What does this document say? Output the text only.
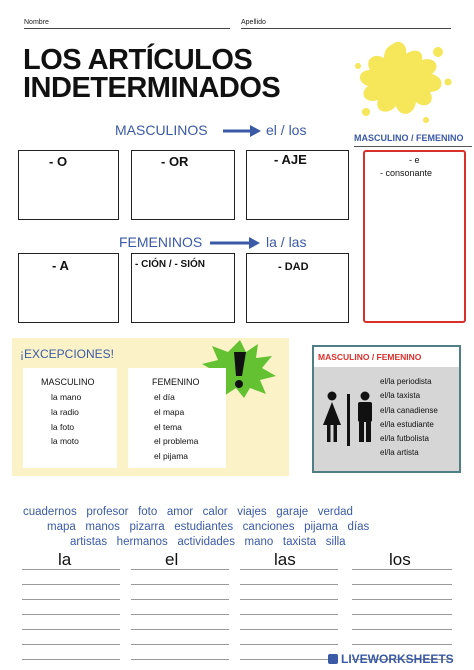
Nombre	Apellido
LOS ARTÍCULOS
INDETERMINADOS
MASCULINOS	el / los
- O	- OR	- AJE
FEMENINOS	la / las
- A	- CIÓN / - SIÓN	- DAD
MASCULINO / FEMENINO
- e
- consonante
¡EXCEPCIONES!
MASCULINO
la mano
la radio
la foto
la moto
FEMENINO
el día
el mapa
el tema
el problema
el pijama
MASCULINO / FEMENINO
el/la periodista
el/la taxista
el/la canadiense
el/la estudiante
el/la futbolista
el/la artista
cuadernos profesor foto amor calor viajes garaje verdad
mapa manos pizarra estudiantes canciones pijama días
artistas hermanos actividades mano taxista silla
la	el	las	los
LIVEWORKSHEETS
